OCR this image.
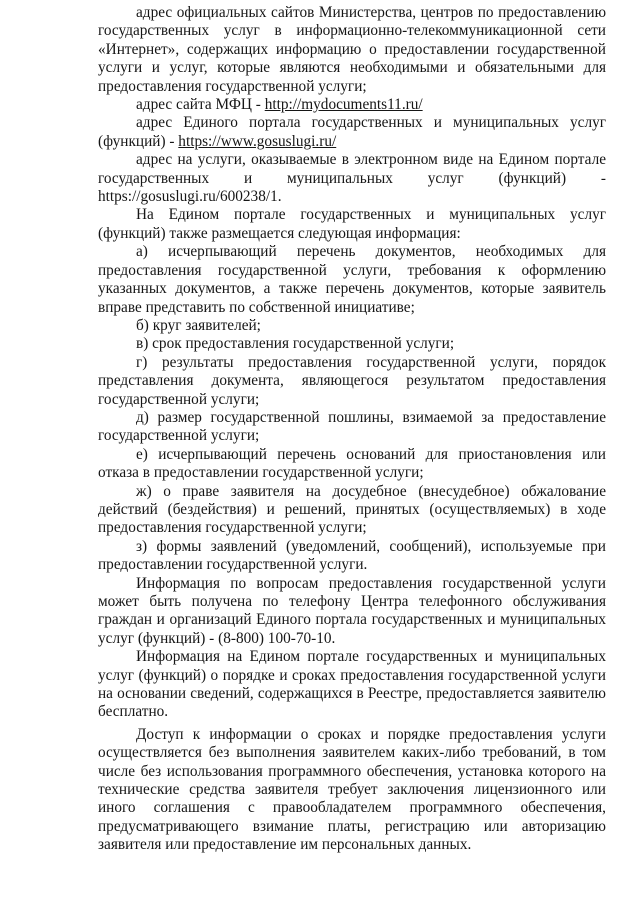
адрес официальных сайтов Министерства, центров по предоставлению государственных услуг в информационно-телекоммуникационной сети «Интернет», содержащих информацию о предоставлении государственной услуги и услуг, которые являются необходимыми и обязательными для предоставления государственной услуги;

адрес сайта МФЦ - http://mydocuments11.ru/

адрес Единого портала государственных и муниципальных услуг (функций) - https://www.gosuslugi.ru/

адрес на услуги, оказываемые в электронном виде на Едином портале государственных и муниципальных услуг (функций) - https://gosuslugi.ru/600238/1.

На Едином портале государственных и муниципальных услуг (функций) также размещается следующая информация:

а) исчерпывающий перечень документов, необходимых для предоставления государственной услуги, требования к оформлению указанных документов, а также перечень документов, которые заявитель вправе представить по собственной инициативе;

б) круг заявителей;

в) срок предоставления государственной услуги;

г) результаты предоставления государственной услуги, порядок представления документа, являющегося результатом предоставления государственной услуги;

д) размер государственной пошлины, взимаемой за предоставление государственной услуги;

е) исчерпывающий перечень оснований для приостановления или отказа в предоставлении государственной услуги;

ж) о праве заявителя на досудебное (внесудебное) обжалование действий (бездействия) и решений, принятых (осуществляемых) в ходе предоставления государственной услуги;

з) формы заявлений (уведомлений, сообщений), используемые при предоставлении государственной услуги.

Информация по вопросам предоставления государственной услуги может быть получена по телефону Центра телефонного обслуживания граждан и организаций Единого портала государственных и муниципальных услуг (функций) - (8-800) 100-70-10.

Информация на Едином портале государственных и муниципальных услуг (функций) о порядке и сроках предоставления государственной услуги на основании сведений, содержащихся в Реестре, предоставляется заявителю бесплатно.

Доступ к информации о сроках и порядке предоставления услуги осуществляется без выполнения заявителем каких-либо требований, в том числе без использования программного обеспечения, установка которого на технические средства заявителя требует заключения лицензионного или иного соглашения с правообладателем программного обеспечения, предусматривающего взимание платы, регистрацию или авторизацию заявителя или предоставление им персональных данных.
